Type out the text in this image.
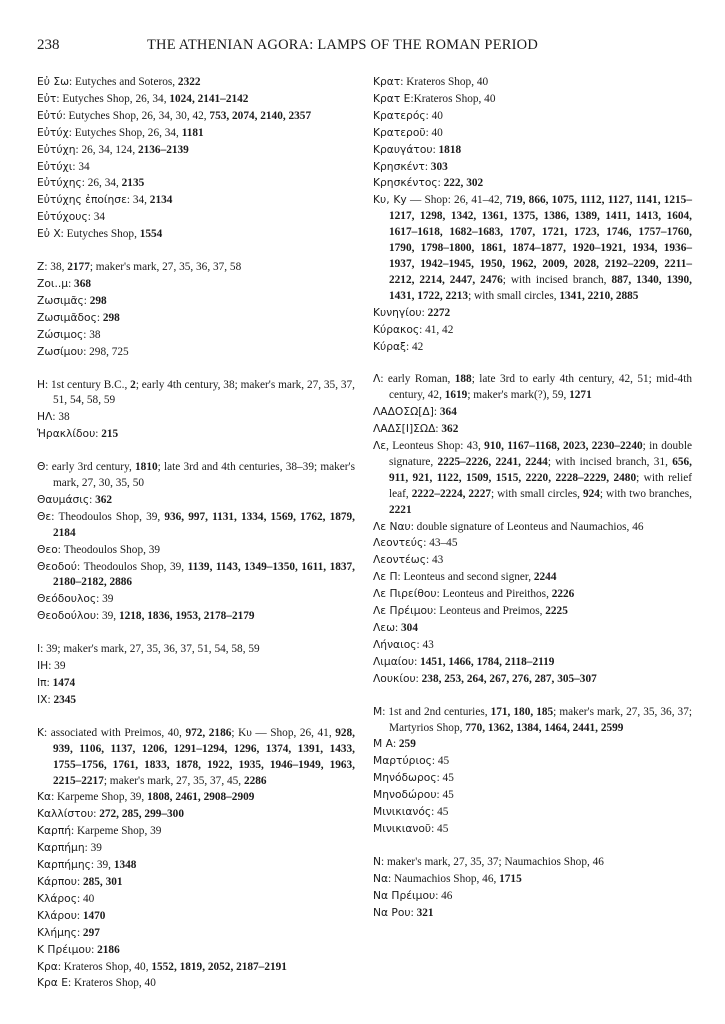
238	THE ATHENIAN AGORA: LAMPS OF THE ROMAN PERIOD
Εὐ Σω: Eutyches and Soteros, 2322
Εὐτ: Eutyches Shop, 26, 34, 1024, 2141–2142
Εὐτύ: Eutyches Shop, 26, 34, 30, 42, 753, 2074, 2140, 2357
Εὐτύχ: Eutyches Shop, 26, 34, 1181
Εὐτύχη: 26, 34, 124, 2136–2139
Εὐτύχι: 34
Εὐτύχης: 26, 34, 2135
Εὐτύχης ἐποίησε: 34, 2134
Εὐτύχους: 34
Εὐ Χ: Eutyches Shop, 1554
Ζ: 38, 2177; maker's mark, 27, 35, 36, 37, 58
Ζοι..μ: 368
Ζωσιμᾶς: 298
Ζωσιμᾶδος: 298
Ζώσιμος: 38
Ζωσίμου: 298, 725
Η: 1st century B.C., 2; early 4th century, 38; maker's mark, 27, 35, 37, 51, 54, 58, 59
ΗΛ: 38
Ἡρακλίδου: 215
Θ: early 3rd century, 1810; late 3rd and 4th centuries, 38–39; maker's mark, 27, 30, 35, 50
Θαυμάσις: 362
Θε: Theodoulos Shop, 39, 936, 997, 1131, 1334, 1569, 1762, 1879, 2184
Θεο: Theodoulos Shop, 39
Θεοδού: Theodoulos Shop, 39, 1139, 1143, 1349–1350, 1611, 1837, 2180–2182, 2886
Θεόδουλος: 39
Θεοδούλου: 39, 1218, 1836, 1953, 2178–2179
Ι: 39; maker's mark, 27, 35, 36, 37, 51, 54, 58, 59
ΙΗ: 39
Ιπ: 1474
ΙΧ: 2345
Κ: associated with Preimos, 40, 972, 2186; Κυ — Shop, 26, 41, 928, 939, 1106, 1137, 1206, 1291–1294, 1296, 1374, 1391, 1433, 1755–1756, 1761, 1833, 1878, 1922, 1935, 1946–1949, 1963, 2215–2217; maker's mark, 27, 35, 37, 45, 2286
Κα: Karpeme Shop, 39, 1808, 2461, 2908–2909
Καλλίστου: 272, 285, 299–300
Καρπή: Karpeme Shop, 39
Καρπήμη: 39
Καρπήμης: 39, 1348
Κάρπου: 285, 301
Κλάρος: 40
Κλάρου: 1470
Κλήμης: 297
Κ Πρέιμου: 2186
Κρα: Krateros Shop, 40, 1552, 1819, 2052, 2187–2191
Κρα Ε: Krateros Shop, 40
Κρατ: Krateros Shop, 40
Κρατ Ε:Krateros Shop, 40
Κρατερός: 40
Κρατεροῦ: 40
Κραυγάτου: 1818
Κρησκέντ: 303
Κρησκέντος: 222, 302
Κυ, Κy — Shop: 26, 41–42, 719, 866, 1075, 1112, 1127, 1141, 1215–1217, 1298, 1342, 1361, 1375, 1386, 1389, 1411, 1413, 1604, 1617–1618, 1682–1683, 1707, 1721, 1723, 1746, 1757–1760, 1790, 1798–1800, 1861, 1874–1877, 1920–1921, 1934, 1936–1937, 1942–1945, 1950, 1962, 2009, 2028, 2192–2209, 2211–2212, 2214, 2447, 2476; with incised branch, 887, 1340, 1390, 1431, 1722, 2213; with small circles, 1341, 2210, 2885
Κυνηγίου: 2272
Κύρακος: 41, 42
Κύραξ: 42
Λ: early Roman, 188; late 3rd to early 4th century, 42, 51; mid-4th century, 42, 1619; maker's mark(?), 59, 1271
ΛΑΔΟΣΩ[Δ]: 364
ΛΑΔΣ[Ι]ΣΩΔ: 362
Λε, Leonteus Shop: 43, 910, 1167–1168, 2023, 2230–2240; in double signature, 2225–2226, 2241, 2244; with incised branch, 31, 656, 911, 921, 1122, 1509, 1515, 2220, 2228–2229, 2480; with relief leaf, 2222–2224, 2227; with small circles, 924; with two branches, 2221
Λε Ναυ: double signature of Leonteus and Naumachios, 46
Λεοντεύς: 43–45
Λεοντέως: 43
Λε Π: Leonteus and second signer, 2244
Λε Πιρείθου: Leonteus and Pireithos, 2226
Λε Πρέιμου: Leonteus and Preimos, 2225
Λεω: 304
Λήναιος: 43
Λιμαίου: 1451, 1466, 1784, 2118–2119
Λουκίου: 238, 253, 264, 267, 276, 287, 305–307
Μ: 1st and 2nd centuries, 171, 180, 185; maker's mark, 27, 35, 36, 37; Martyrios Shop, 770, 1362, 1384, 1464, 2441, 2599
Μ Α: 259
Μαρτύριος: 45
Μηνόδωρος: 45
Μηνοδώρου: 45
Μινικιανός: 45
Μινικιανοῦ: 45
Ν: maker's mark, 27, 35, 37; Naumachios Shop, 46
Να: Naumachios Shop, 46, 1715
Να Πρέιμου: 46
Να Ρου: 321
